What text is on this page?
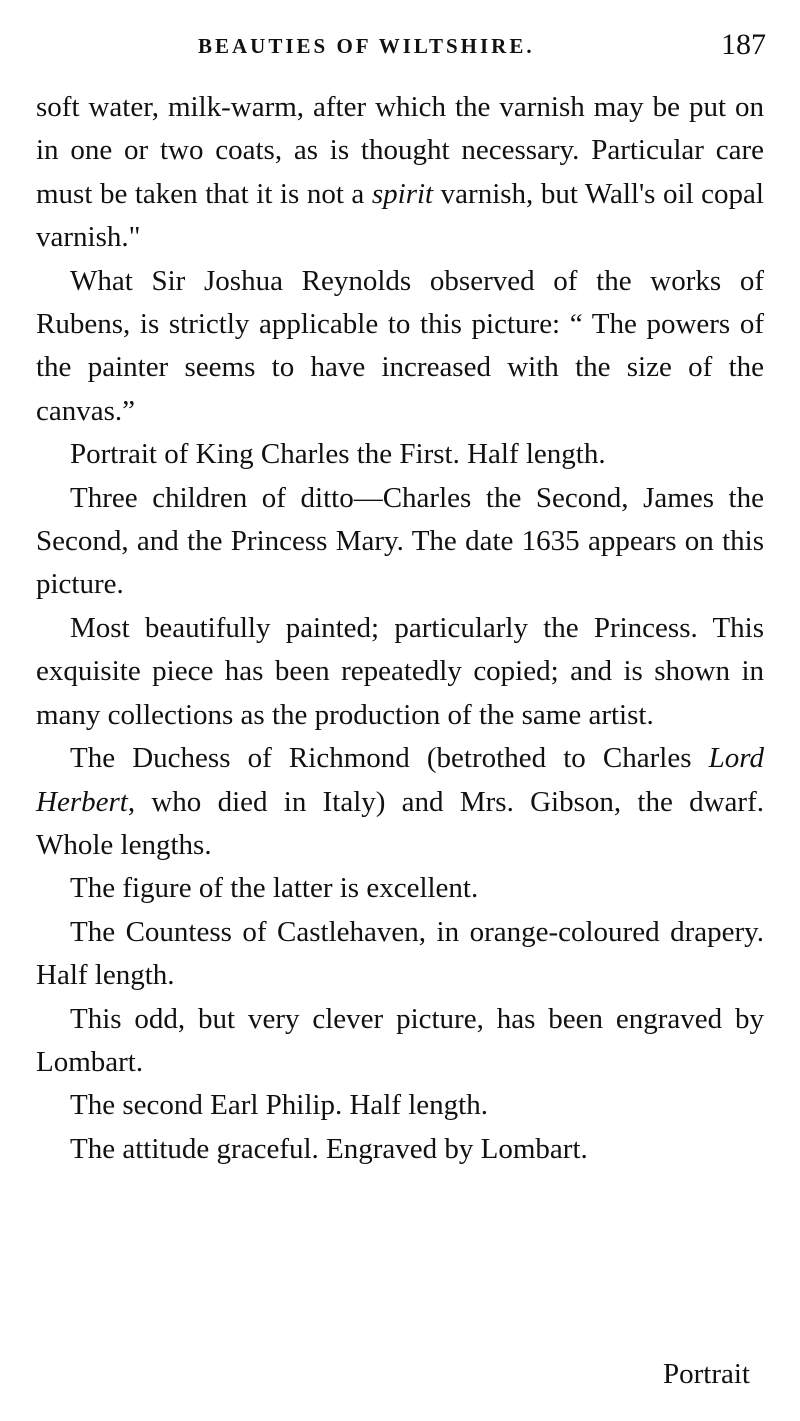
BEAUTIES OF WILTSHIRE.	187

soft water, milk-warm, after which the varnish may be put on in one or two coats, as is thought necessary. Particular care must be taken that it is not a spirit varnish, but Wall's oil copal varnish."

What Sir Joshua Reynolds observed of the works of Rubens, is strictly applicable to this picture: “ The powers of the painter seems to have increased with the size of the canvas.”

Portrait of King Charles the First. Half length.

Three children of ditto—Charles the Second, James the Second, and the Princess Mary. The date 1635 appears on this picture.

Most beautifully painted; particularly the Princess. This exquisite piece has been repeatedly copied; and is shown in many collections as the production of the same artist.

The Duchess of Richmond (betrothed to Charles Lord Herbert, who died in Italy) and Mrs. Gibson, the dwarf. Whole lengths.

The figure of the latter is excellent.

The Countess of Castlehaven, in orange-coloured drapery. Half length.

This odd, but very clever picture, has been engraved by Lombart.

The second Earl Philip. Half length.

The attitude graceful. Engraved by Lombart.

Portrait
